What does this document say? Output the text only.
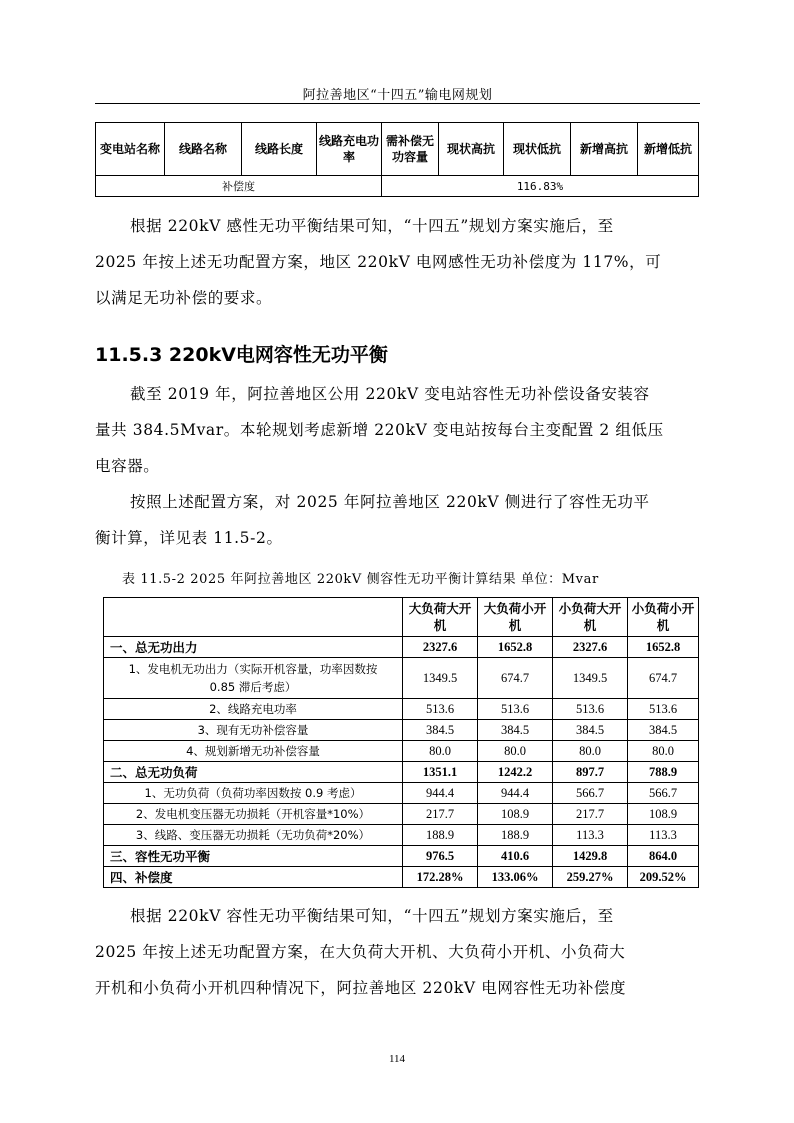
阿拉善地区“十四五”输电网规划
变电站名称	线路名称	线路长度	线路充电功率	需补偿无功容量	现状高抗	现状低抗	新增高抗	新增低抗
补偿度				116.83%				

根据 220kV 感性无功平衡结果可知，“十四五”规划方案实施后，至
2025 年按上述无功配置方案，地区 220kV 电网感性无功补偿度为 117%，可
以满足无功补偿的要求。

11.5.3 220kV电网容性无功平衡

截至 2019 年，阿拉善地区公用 220kV 变电站容性无功补偿设备安装容
量共 384.5Mvar。本轮规划考虑新增 220kV 变电站按每台主变配置 2 组低压
电容器。

按照上述配置方案，对 2025 年阿拉善地区 220kV 侧进行了容性无功平
衡计算，详见表 11.5-2。

表 11.5-2 2025 年阿拉善地区 220kV 侧容性无功平衡计算结果 单位：Mvar
	大负荷大开机	大负荷小开机	小负荷大开机	小负荷小开机
一、总无功出力	2327.6	1652.8	2327.6	1652.8
1、发电机无功出力（实际开机容量，功率因数按 0.85 滞后考虑）	1349.5	674.7	1349.5	674.7
2、线路充电功率	513.6	513.6	513.6	513.6
3、现有无功补偿容量	384.5	384.5	384.5	384.5
4、规划新增无功补偿容量	80.0	80.0	80.0	80.0
二、总无功负荷	1351.1	1242.2	897.7	788.9
1、无功负荷（负荷功率因数按 0.9 考虑）	944.4	944.4	566.7	566.7
2、发电机变压器无功损耗（开机容量*10%）	217.7	108.9	217.7	108.9
3、线路、变压器无功损耗（无功负荷*20%）	188.9	188.9	113.3	113.3
三、容性无功平衡	976.5	410.6	1429.8	864.0
四、补偿度	172.28%	133.06%	259.27%	209.52%

根据 220kV 容性无功平衡结果可知，“十四五”规划方案实施后，至
2025 年按上述无功配置方案，在大负荷大开机、大负荷小开机、小负荷大
开机和小负荷小开机四种情况下，阿拉善地区 220kV 电网容性无功补偿度

114
